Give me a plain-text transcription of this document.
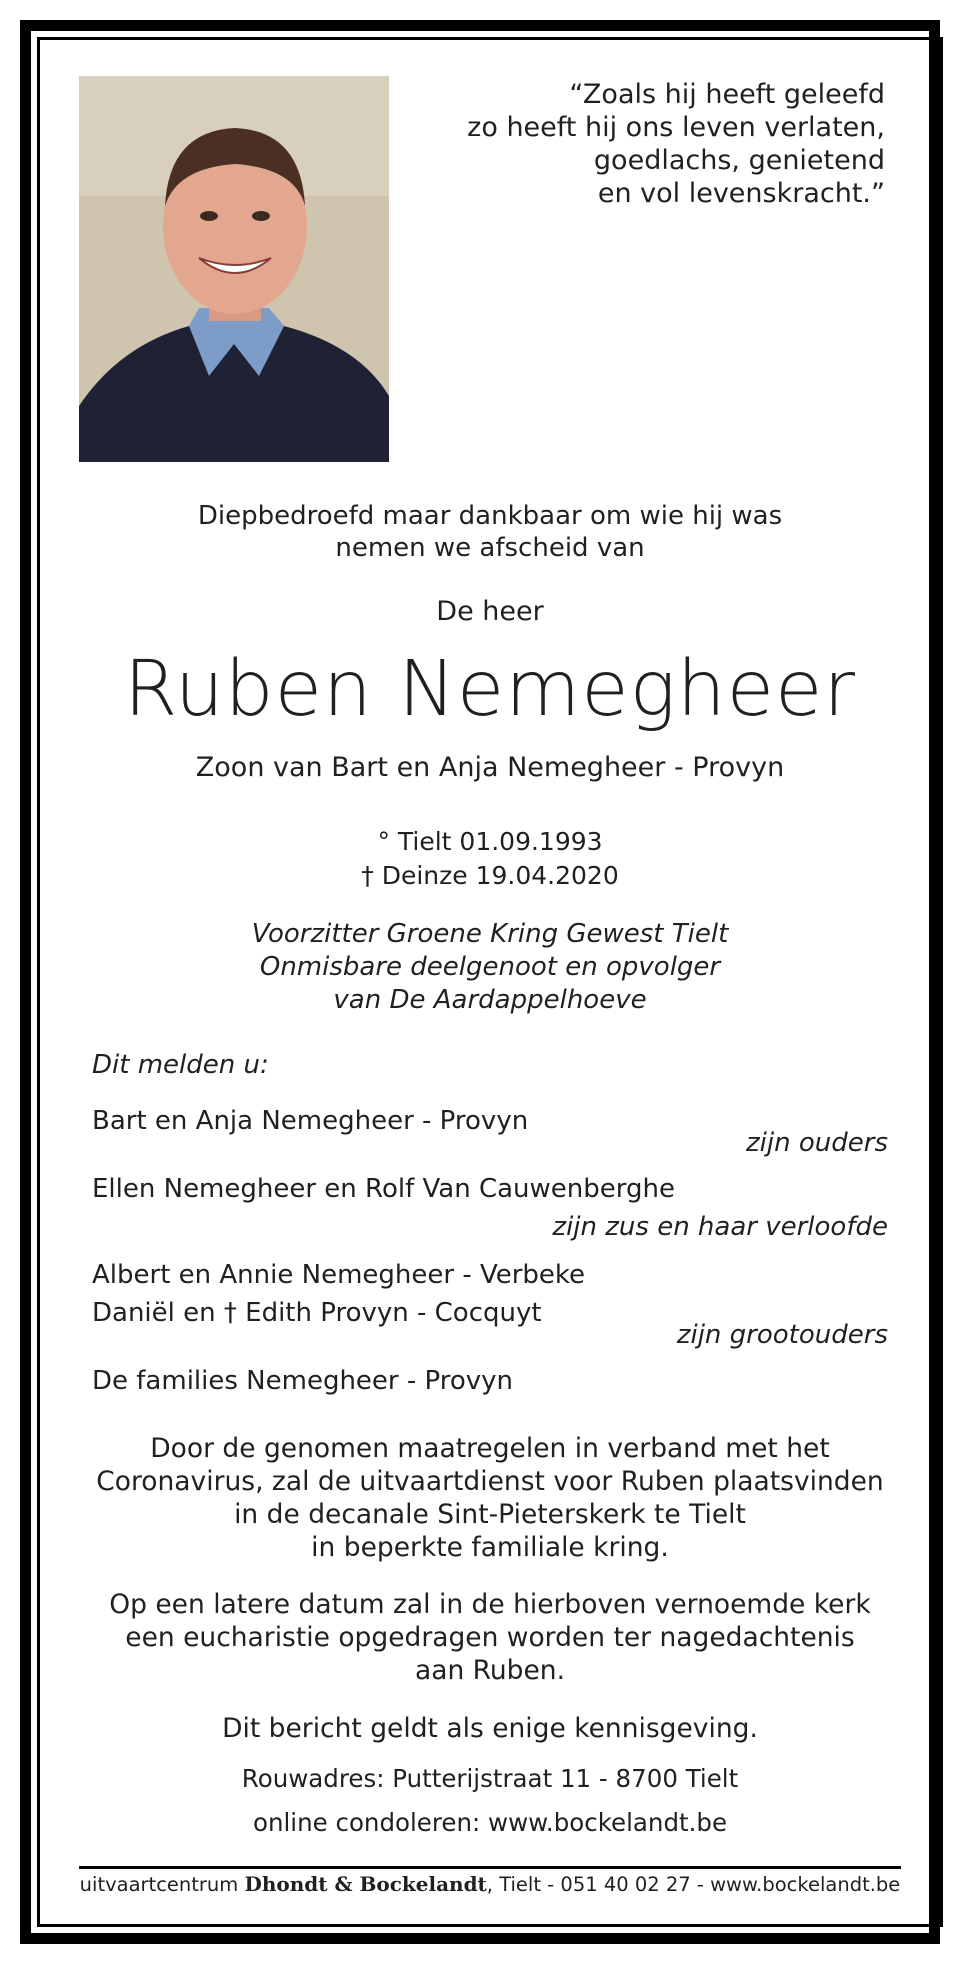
“Zoals hij heeft geleefd
zo heeft hij ons leven verlaten,
goedlachs, genietend
en vol levenskracht.”
Diepbedroefd maar dankbaar om wie hij was
nemen we afscheid van
De heer
Ruben Nemegheer
Zoon van Bart en Anja Nemegheer - Provyn
° Tielt 01.09.1993
† Deinze 19.04.2020
Voorzitter Groene Kring Gewest Tielt
Onmisbare deelgenoot en opvolger
van De Aardappelhoeve
Dit melden u:
Bart en Anja Nemegheer - Provyn
zijn ouders
Ellen Nemegheer en Rolf Van Cauwenberghe
zijn zus en haar verloofde
Albert en Annie Nemegheer - Verbeke
Daniël en † Edith Provyn - Cocquyt
zijn grootouders
De families Nemegheer - Provyn
Door de genomen maatregelen in verband met het
Coronavirus, zal de uitvaartdienst voor Ruben plaatsvinden
in de decanale Sint-Pieterskerk te Tielt
in beperkte familiale kring.
Op een latere datum zal in de hierboven vernoemde kerk
een eucharistie opgedragen worden ter nagedachtenis
aan Ruben.
Dit bericht geldt als enige kennisgeving.
Rouwadres: Putterijstraat 11 - 8700 Tielt
online condoleren: www.bockelandt.be
uitvaartcentrum Dhondt & Bockelandt, Tielt - 051 40 02 27 - www.bockelandt.be
